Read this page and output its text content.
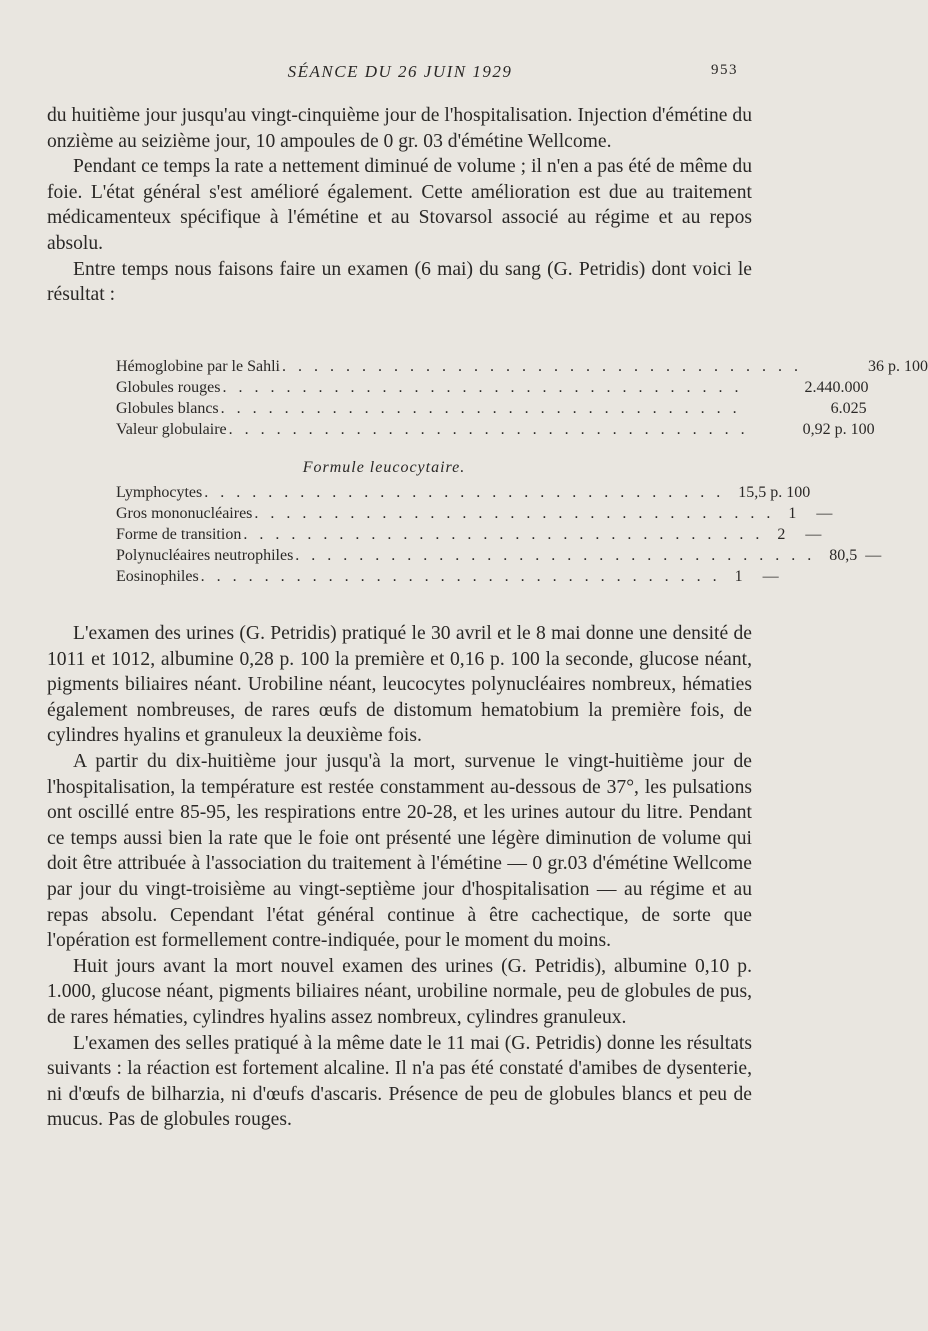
SÉANCE DU 26 JUIN 1929	953

du huitième jour jusqu'au vingt-cinquième jour de l'hospitalisation. Injection d'émétine du onzième au seizième jour, 10 ampoules de 0 gr. 03 d'émétine Wellcome.

Pendant ce temps la rate a nettement diminué de volume ; il n'en a pas été de même du foie. L'état général s'est amélioré également. Cette amélioration est due au traitement médicamenteux spécifique à l'émétine et au Stovarsol associé au régime et au repos absolu.

Entre temps nous faisons faire un examen (6 mai) du sang (G. Petridis) dont voici le résultat :

Hémoglobine par le Sahli . . . . . . . . . . . . . . . . . . . . . . . . . . . . . . . . .	36 p. 100
Globules rouges . . . . . . . . . . . . . . . . . . . . . . . . . . . . . . . . .	2.440.000
Globules blancs . . . . . . . . . . . . . . . . . . . . . . . . . . . . . . . . .	6.025
Valeur globulaire . . . . . . . . . . . . . . . . . . . . . . . . . . . . . . . . .	0,92 p. 100
Formule leucocytaire.
Lymphocytes . . . . . . . . . . . . . . . . . . . . . . . . . . . . . . . . . 15,5 p. 100
Gros mononucléaires . . . . . . . . . . . . . . . . . . . . . . . . . . . . . . . . . 1     —
Forme de transition . . . . . . . . . . . . . . . . . . . . . . . . . . . . . . . . . 2     —
Polynucléaires neutrophiles . . . . . . . . . . . . . . . . . . . . . . . . . . . . . . . . . 80,5  —
Eosinophiles . . . . . . . . . . . . . . . . . . . . . . . . . . . . . . . . . 1     —

L'examen des urines (G. Petridis) pratiqué le 30 avril et le 8 mai donne une densité de 1011 et 1012, albumine 0,28 p. 100 la première et 0,16 p. 100 la seconde, glucose néant, pigments biliaires néant. Urobiline néant, leucocytes polynucléaires nombreux, hématies également nombreuses, de rares œufs de distomum hematobium la première fois, de cylindres hyalins et granuleux la deuxième fois.

A partir du dix-huitième jour jusqu'à la mort, survenue le vingt-huitième jour de l'hospitalisation, la température est restée constamment au-dessous de 37°, les pulsations ont oscillé entre 85-95, les respirations entre 20-28, et les urines autour du litre. Pendant ce temps aussi bien la rate que le foie ont présenté une légère diminution de volume qui doit être attribuée à l'association du traitement à l'émétine — 0 gr.03 d'émétine Wellcome par jour du vingt-troisième au vingt-septième jour d'hospitalisation — au régime et au repas absolu. Cependant l'état général continue à être cachectique, de sorte que l'opération est formellement contre-indiquée, pour le moment du moins.

Huit jours avant la mort nouvel examen des urines (G. Petridis), albumine 0,10 p. 1.000, glucose néant, pigments biliaires néant, urobiline normale, peu de globules de pus, de rares hématies, cylindres hyalins assez nombreux, cylindres granuleux.

L'examen des selles pratiqué à la même date le 11 mai (G. Petridis) donne les résultats suivants : la réaction est fortement alcaline. Il n'a pas été constaté d'amibes de dysenterie, ni d'œufs de bilharzia, ni d'œufs d'ascaris. Présence de peu de globules blancs et peu de mucus. Pas de globules rouges.
